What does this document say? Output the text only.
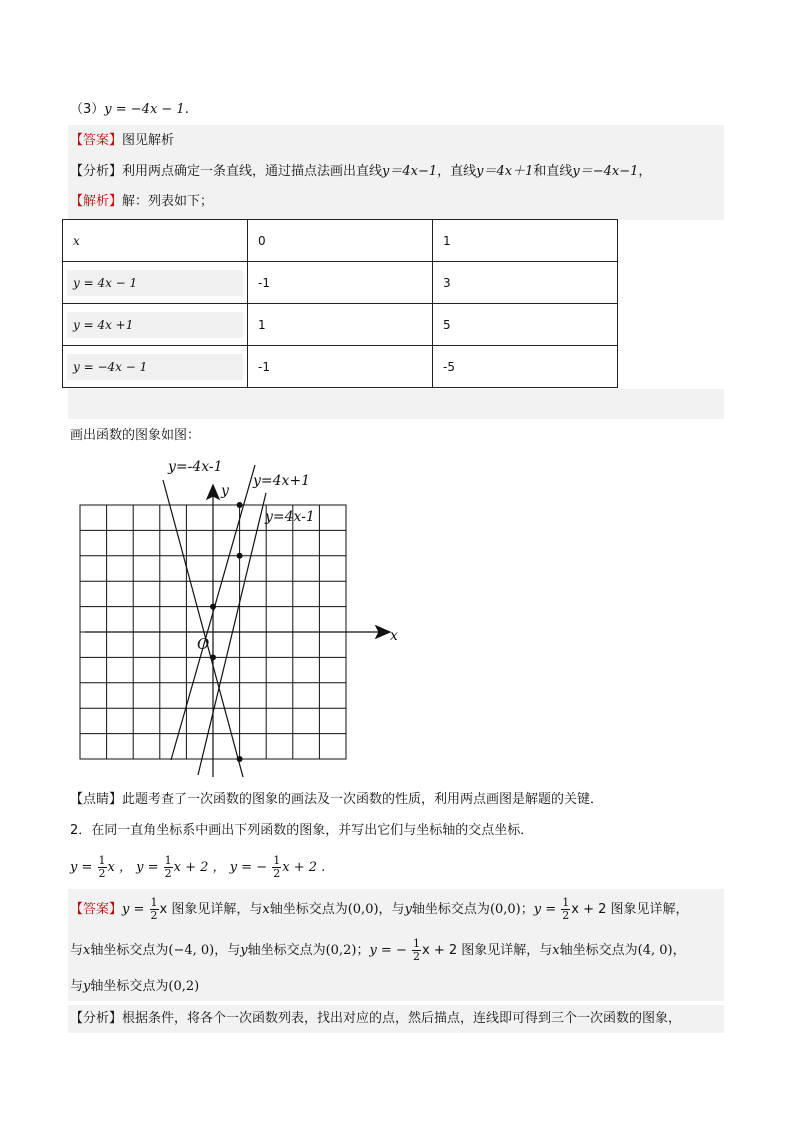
（3）y = −4x − 1.
【答案】图见解析
【分析】利用两点确定一条直线，通过描点法画出直线y＝4x−1，直线y＝4x＋1和直线y＝−4x−1，
【解析】解：列表如下；
x	0	1

y = 4x − 1	-1	3

y = 4x +1	1	5

y = −4x − 1	-1	-5
画出函数的图象如图：
y=-4x-1
y=4x+1
y=4x-1
y
x
O
【点睛】此题考查了一次函数的图象的画法及一次函数的性质，利用两点画图是解题的关键．
2．在同一直角坐标系中画出下列函数的图象，并写出它们与坐标轴的交点坐标．
$y = \frac{1}{2}$ x ， $y = \frac{1}{2}$ x + 2 ， y = − $\frac{1}{2}$ x + 2 .
【答案】$y = \frac{1}{2}$ x 图象见详解，与x轴坐标交点为(0,0)，与y轴坐标交点为(0,0)；$y = \frac{1}{2}$ x + 2 图象见详解，
与x轴坐标交点为(−4, 0)，与y轴坐标交点为(0,2)；y = − $\frac{1}{2}$ x + 2 图象见详解，与x轴坐标交点为(4, 0)，
与y轴坐标交点为(0,2)
【分析】根据条件，将各个一次函数列表，找出对应的点，然后描点，连线即可得到三个一次函数的图象，
